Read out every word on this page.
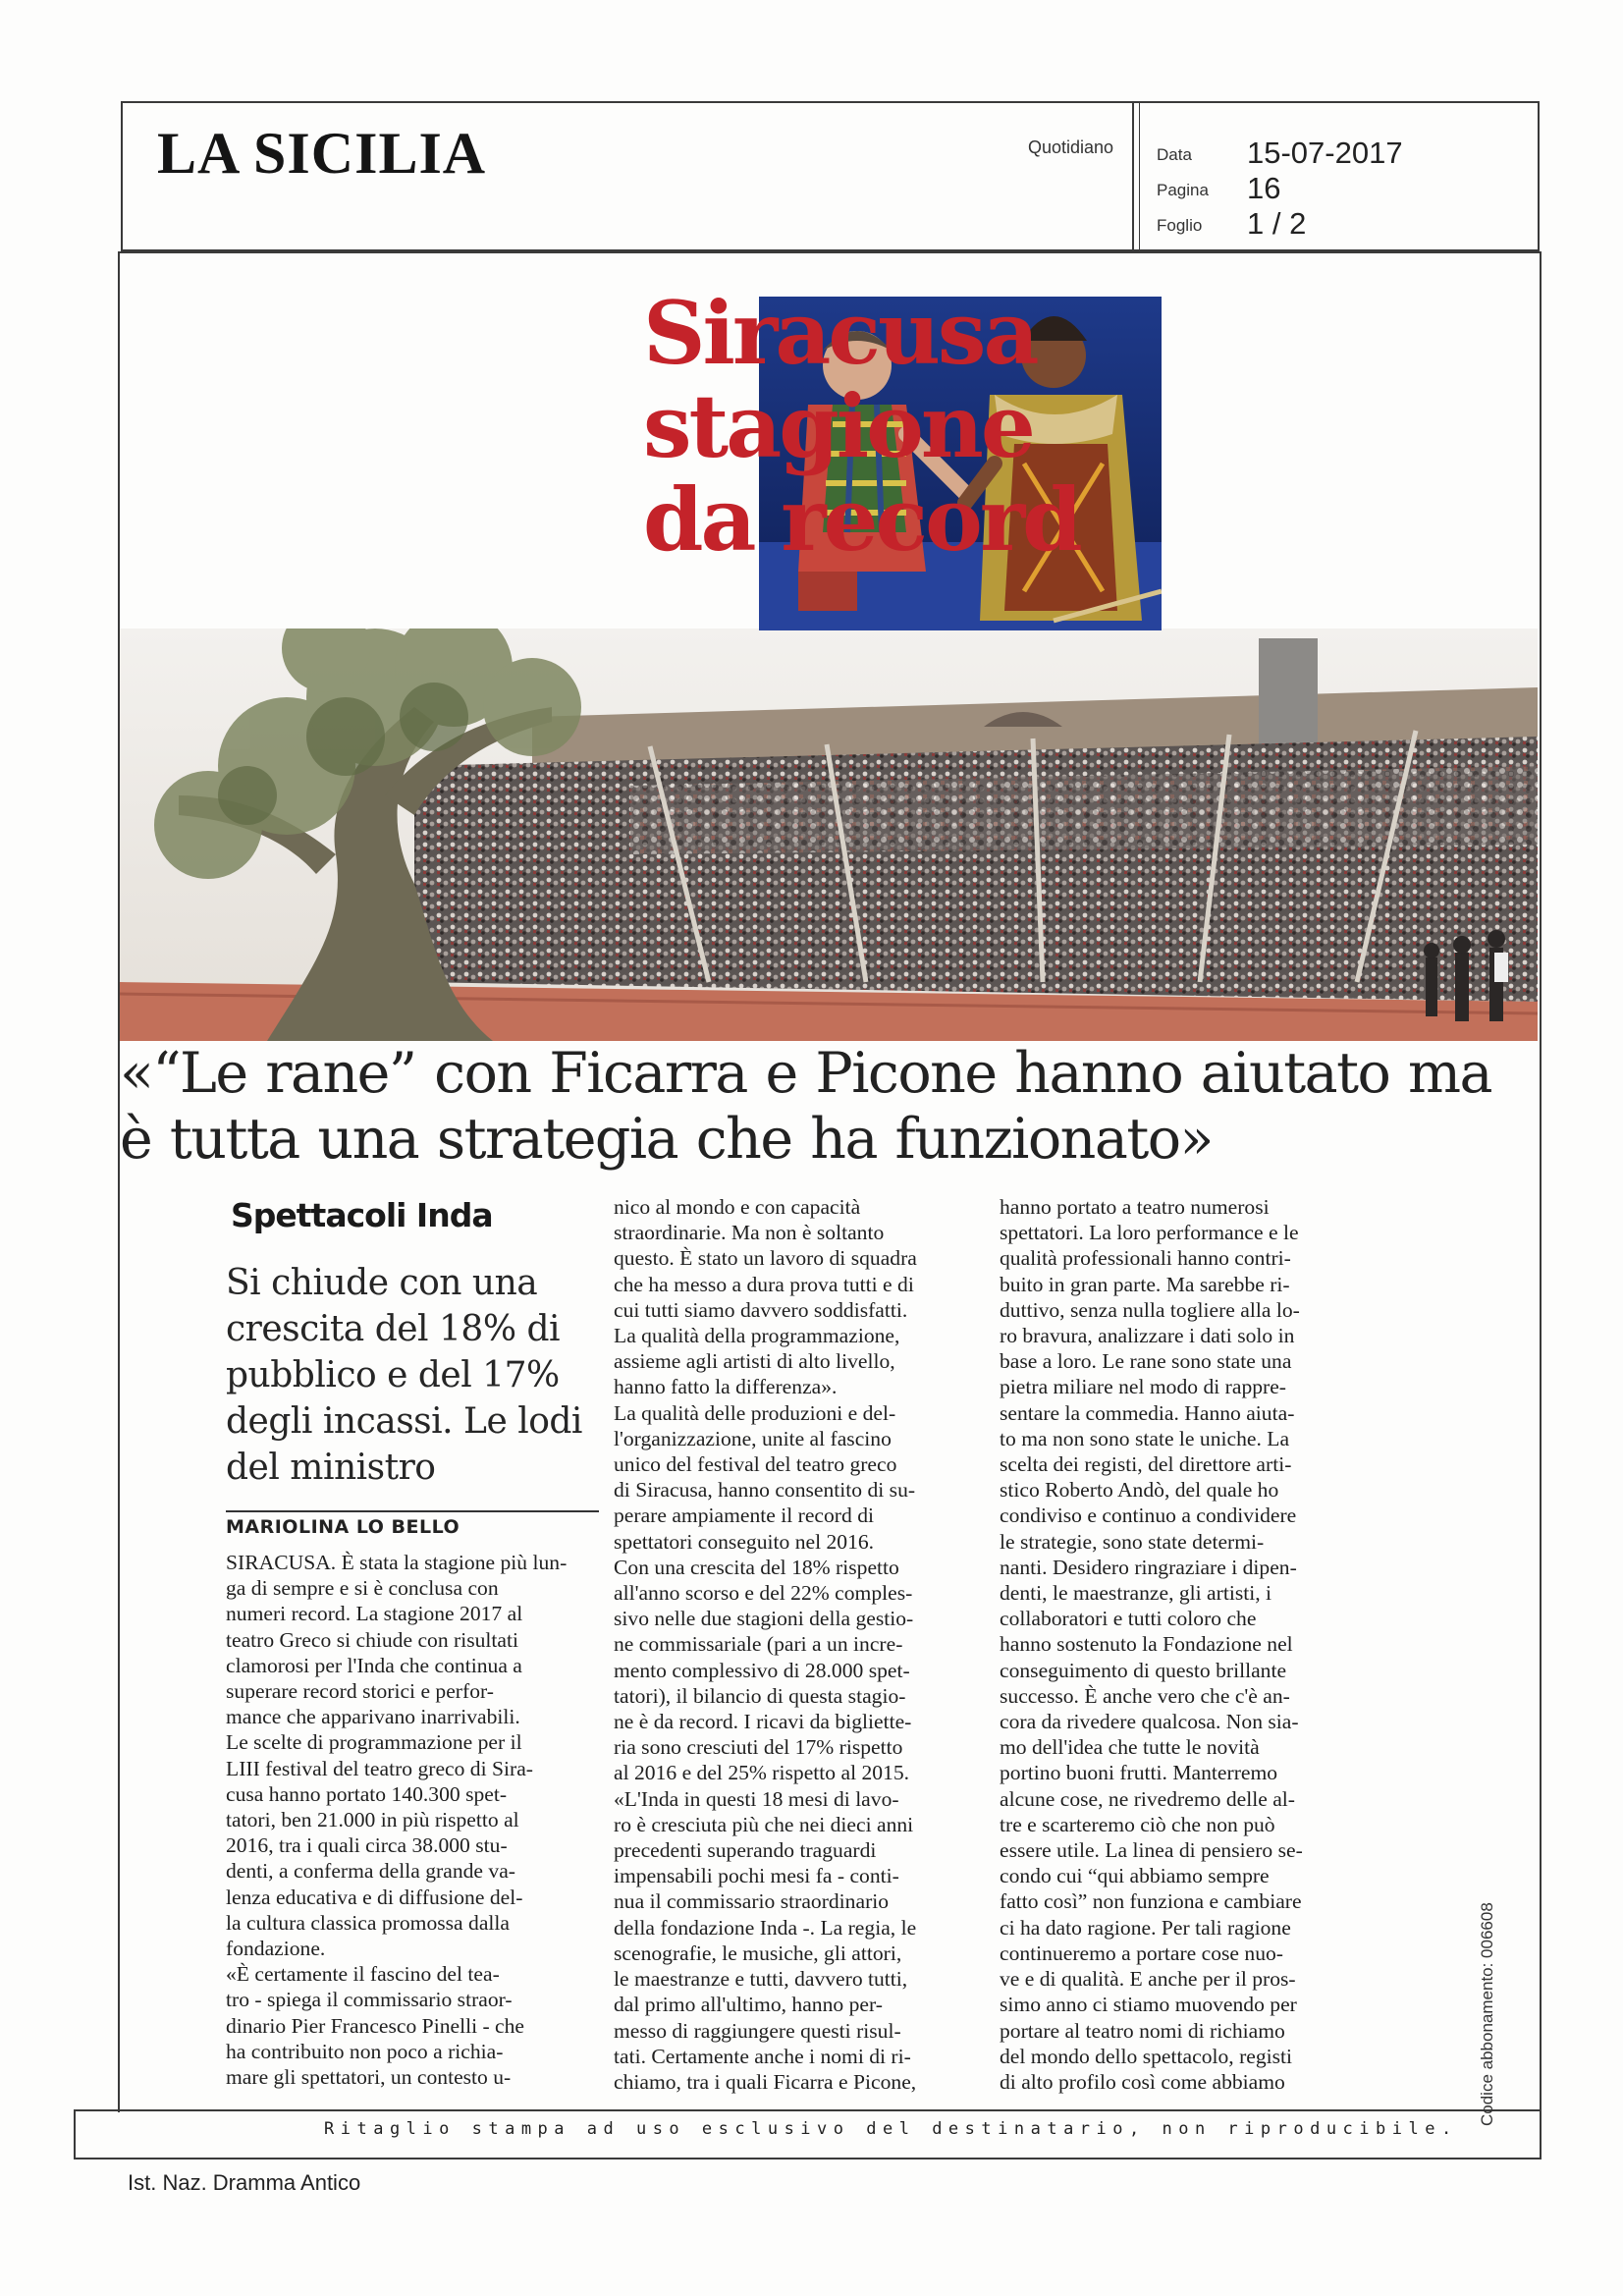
LA SICILIA	Quotidiano	Data 15-07-2017
Pagina 16
Foglio 1 / 2
Siracusa stagione da record
«“Le rane” con Ficarra e Picone hanno aiutato ma è tutta una strategia che ha funzionato»
Spettacoli Inda
Si chiude con una crescita del 18% di pubblico e del 17% degli incassi. Le lodi del ministro
MARIOLINA LO BELLO
SIRACUSA. È stata la stagione più lun-
ga di sempre e si è conclusa con
numeri record. La stagione 2017 al
teatro Greco si chiude con risultati
clamorosi per l'Inda che continua a
superare record storici e perfor-
mance che apparivano inarrivabili.
Le scelte di programmazione per il
LIII festival del teatro greco di Sira-
cusa hanno portato 140.300 spet-
tatori, ben 21.000 in più rispetto al
2016, tra i quali circa 38.000 stu-
denti, a conferma della grande va-
lenza educativa e di diffusione del-
la cultura classica promossa dalla
fondazione.
«È certamente il fascino del tea-
tro - spiega il commissario straor-
dinario Pier Francesco Pinelli - che
ha contribuito non poco a richia-
mare gli spettatori, un contesto u-
nico al mondo e con capacità
straordinarie. Ma non è soltanto
questo. È stato un lavoro di squadra
che ha messo a dura prova tutti e di
cui tutti siamo davvero soddisfatti.
La qualità della programmazione,
assieme agli artisti di alto livello,
hanno fatto la differenza».
La qualità delle produzioni e del-
l'organizzazione, unite al fascino
unico del festival del teatro greco
di Siracusa, hanno consentito di su-
perare ampiamente il record di
spettatori conseguito nel 2016.
Con una crescita del 18% rispetto
all'anno scorso e del 22% comples-
sivo nelle due stagioni della gestio-
ne commissariale (pari a un incre-
mento complessivo di 28.000 spet-
tatori), il bilancio di questa stagio-
ne è da record. I ricavi da bigliette-
ria sono cresciuti del 17% rispetto
al 2016 e del 25% rispetto al 2015.
«L'Inda in questi 18 mesi di lavo-
ro è cresciuta più che nei dieci anni
precedenti superando traguardi
impensabili pochi mesi fa - conti-
nua il commissario straordinario
della fondazione Inda -. La regia, le
scenografie, le musiche, gli attori,
le maestranze e tutti, davvero tutti,
dal primo all'ultimo, hanno per-
messo di raggiungere questi risul-
tati. Certamente anche i nomi di ri-
chiamo, tra i quali Ficarra e Picone,
hanno portato a teatro numerosi
spettatori. La loro performance e le
qualità professionali hanno contri-
buito in gran parte. Ma sarebbe ri-
duttivo, senza nulla togliere alla lo-
ro bravura, analizzare i dati solo in
base a loro. Le rane sono state una
pietra miliare nel modo di rappre-
sentare la commedia. Hanno aiuta-
to ma non sono state le uniche. La
scelta dei registi, del direttore arti-
stico Roberto Andò, del quale ho
condiviso e continuo a condividere
le strategie, sono state determi-
nanti. Desidero ringraziare i dipen-
denti, le maestranze, gli artisti, i
collaboratori e tutti coloro che
hanno sostenuto la Fondazione nel
conseguimento di questo brillante
successo. È anche vero che c'è an-
cora da rivedere qualcosa. Non sia-
mo dell'idea che tutte le novità
portino buoni frutti. Manterremo
alcune cose, ne rivedremo delle al-
tre e scarteremo ciò che non può
essere utile. La linea di pensiero se-
condo cui “qui abbiamo sempre
fatto così” non funziona e cambiare
ci ha dato ragione. Per tali ragione
continueremo a portare cose nuo-
ve e di qualità. E anche per il pros-
simo anno ci stiamo muovendo per
portare al teatro nomi di richiamo
del mondo dello spettacolo, registi
di alto profilo così come abbiamo
Ritaglio stampa ad uso esclusivo del destinatario, non riproducibile.
Codice abbonamento: 006608
Ist. Naz. Dramma Antico
